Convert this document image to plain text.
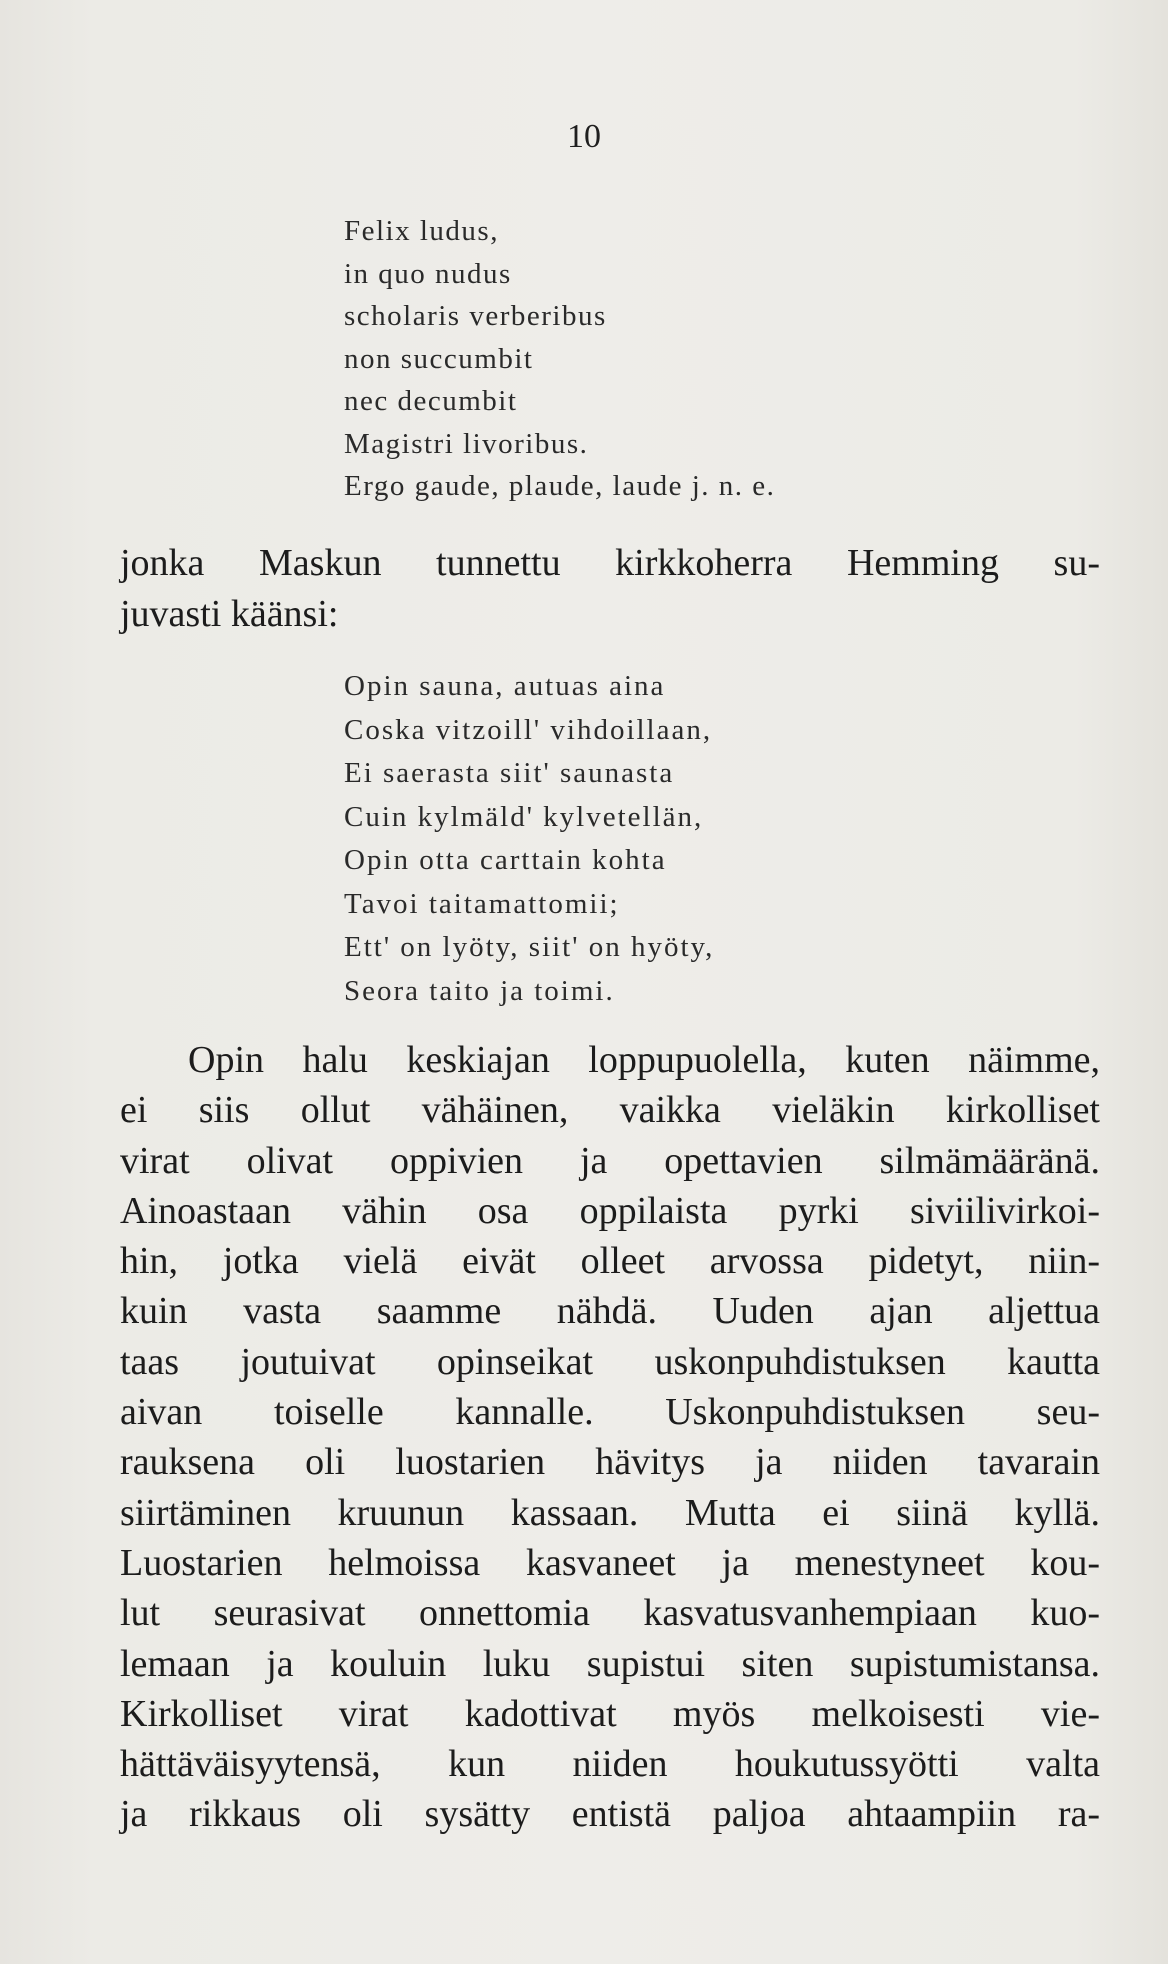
10
Felix ludus,
in quo nudus
scholaris verberibus
non succumbit
nec decumbit
Magistri livoribus.
Ergo gaude, plaude, laude j. n. e.
jonka Maskun tunnettu kirkkoherra Hemming su-
juvasti käänsi:
Opin sauna, autuas aina
Coska vitzoill' vihdoillaan,
Ei saerasta siit' saunasta
Cuin kylmäld' kylvetellän,
Opin otta carttain kohta
Tavoi taitamattomii;
Ett' on lyöty, siit' on hyöty,
Seora taito ja toimi.
Opin halu keskiajan loppupuolella, kuten näimme,
ei siis ollut vähäinen, vaikka vieläkin kirkolliset
virat olivat oppivien ja opettavien silmämääränä.
Ainoastaan vähin osa oppilaista pyrki siviilivirkoi-
hin, jotka vielä eivät olleet arvossa pidetyt, niin-
kuin vasta saamme nähdä. Uuden ajan aljettua
taas joutuivat opinseikat uskonpuhdistuksen kautta
aivan toiselle kannalle. Uskonpuhdistuksen seu-
rauksena oli luostarien hävitys ja niiden tavarain
siirtäminen kruunun kassaan. Mutta ei siinä kyllä.
Luostarien helmoissa kasvaneet ja menestyneet kou-
lut seurasivat onnettomia kasvatusvanhempiaan kuo-
lemaan ja kouluin luku supistui siten supistumistansa.
Kirkolliset virat kadottivat myös melkoisesti vie-
hättäväisyytensä, kun niiden houkutussyötti valta
ja rikkaus oli sysätty entistä paljoa ahtaampiin ra-
